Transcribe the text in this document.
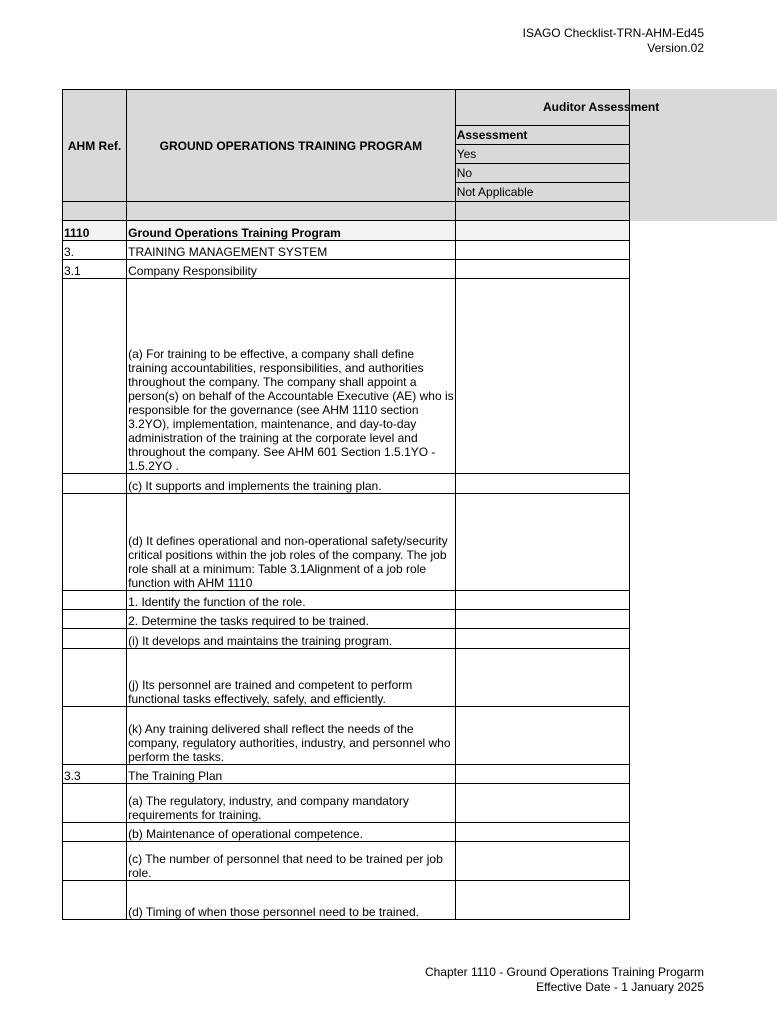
ISAGO Checklist-TRN-AHM-Ed45
Version.02
AHM Ref.	GROUND OPERATIONS TRAINING PROGRAM	Assessment
Yes
No
Not Applicable

1110	Ground Operations Training Program	
3.	TRAINING MANAGEMENT SYSTEM	
3.1	Company Responsibility	
	(a) For training to be effective, a company shall define training accountabilities, responsibilities, and authorities throughout the company. The company shall appoint a person(s) on behalf of the Accountable Executive (AE) who is responsible for the governance (see AHM 1110 section 3.2YO), implementation, maintenance, and day-to-day administration of the training at the corporate level and throughout the company. See AHM 601 Section 1.5.1YO - 1.5.2YO .	
	(c) It supports and implements the training plan.	
	(d) It defines operational and non-operational safety/security critical positions within the job roles of the company. The job role shall at a minimum: Table 3.1Alignment of a job role function with AHM 1110	
	1. Identify the function of the role.	
	2. Determine the tasks required to be trained.	
	(i) It develops and maintains the training program.	
	(j) Its personnel are trained and competent to perform functional tasks effectively, safely, and efficiently.	
	(k) Any training delivered shall reflect the needs of the company, regulatory authorities, industry, and personnel who perform the tasks.	
3.3	The Training Plan	
	(a) The regulatory, industry, and company mandatory requirements for training.	
	(b) Maintenance of operational competence.	
	(c) The number of personnel that need to be trained per job role.	
	(d) Timing of when those personnel need to be trained.	
Auditor Assessment
Chapter 1110 - Ground Operations Training Progarm
Effective Date - 1 January 2025
